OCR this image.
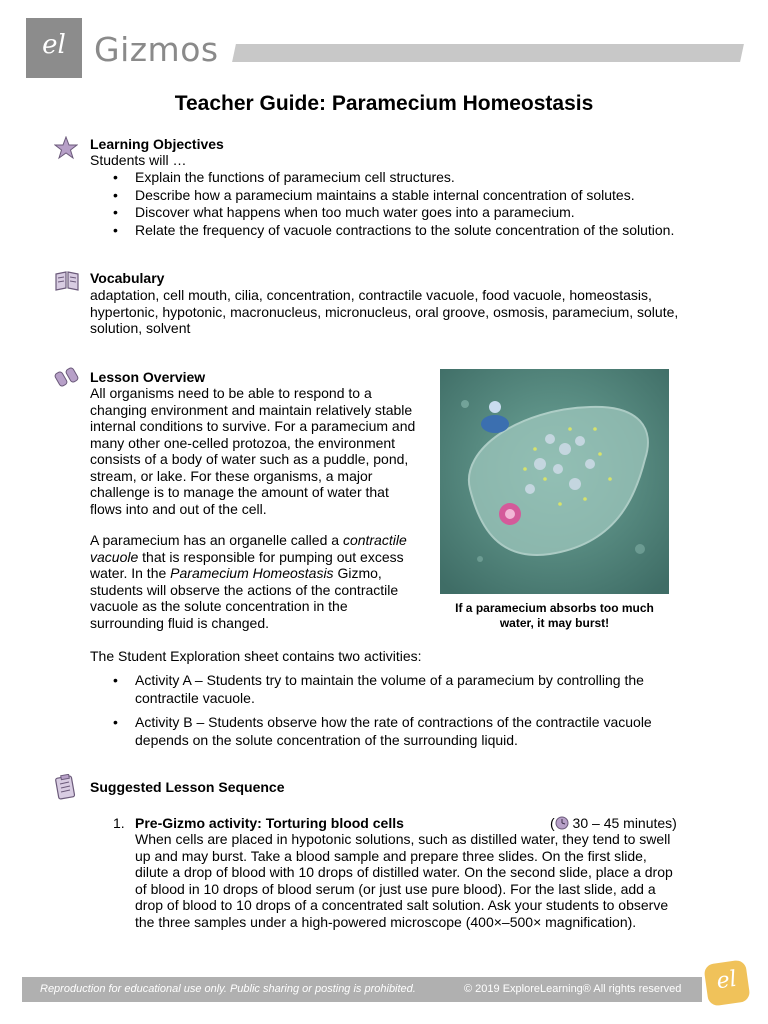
el Gizmos
Teacher Guide: Paramecium Homeostasis
Learning Objectives
Students will …
• Explain the functions of paramecium cell structures.
• Describe how a paramecium maintains a stable internal concentration of solutes.
• Discover what happens when too much water goes into a paramecium.
• Relate the frequency of vacuole contractions to the solute concentration of the solution.
Vocabulary
adaptation, cell mouth, cilia, concentration, contractile vacuole, food vacuole, homeostasis, hypertonic, hypotonic, macronucleus, micronucleus, oral groove, osmosis, paramecium, solute, solution, solvent
Lesson Overview
All organisms need to be able to respond to a changing environment and maintain relatively stable internal conditions to survive. For a paramecium and many other one-celled protozoa, the environment consists of a body of water such as a puddle, pond, stream, or lake. For these organisms, a major challenge is to manage the amount of water that flows into and out of the cell.
A paramecium has an organelle called a contractile vacuole that is responsible for pumping out excess water. In the Paramecium Homeostasis Gizmo, students will observe the actions of the contractile vacuole as the solute concentration in the surrounding fluid is changed.
If a paramecium absorbs too much water, it may burst!
The Student Exploration sheet contains two activities:
• Activity A – Students try to maintain the volume of a paramecium by controlling the contractile vacuole.
• Activity B – Students observe how the rate of contractions of the contractile vacuole depends on the solute concentration of the surrounding liquid.
Suggested Lesson Sequence
1. Pre-Gizmo activity: Torturing blood cells	( 30 – 45 minutes)
When cells are placed in hypotonic solutions, such as distilled water, they tend to swell up and may burst. Take a blood sample and prepare three slides. On the first slide, dilute a drop of blood with 10 drops of distilled water. On the second slide, place a drop of blood in 10 drops of blood serum (or just use pure blood). For the last slide, add a drop of blood to 10 drops of a concentrated salt solution. Ask your students to observe the three samples under a high-powered microscope (400×–500× magnification).
Reproduction for educational use only. Public sharing or posting is prohibited.	© 2019 ExploreLearning® All rights reserved	el
